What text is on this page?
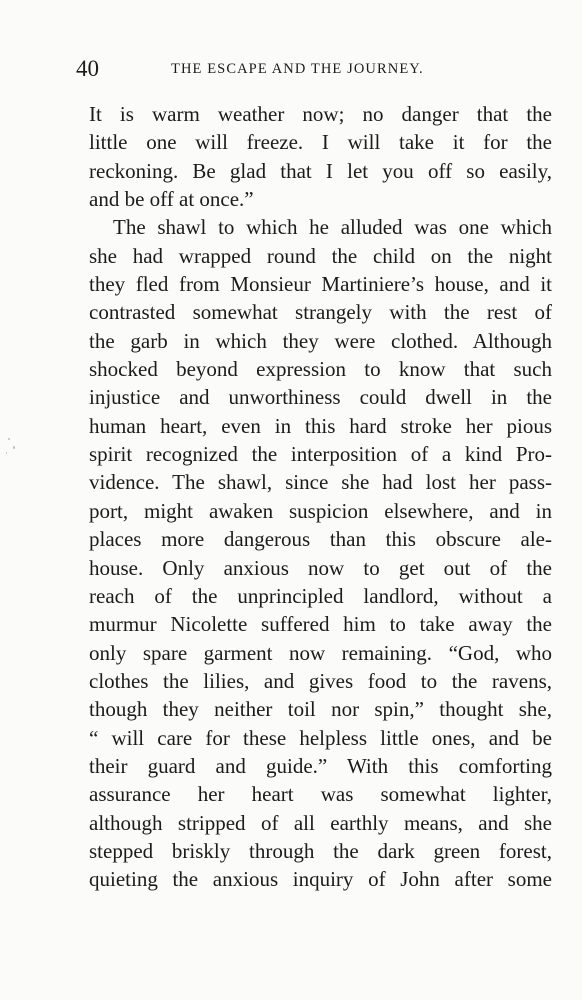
40	THE ESCAPE AND THE JOURNEY.
It is warm weather now; no danger that the
little one will freeze. I will take it for the
reckoning. Be glad that I let you off so easily,
and be off at once.”
The shawl to which he alluded was one which
she had wrapped round the child on the night
they fled from Monsieur Martiniere’s house, and it
contrasted somewhat strangely with the rest of
the garb in which they were clothed. Although
shocked beyond expression to know that such
injustice and unworthiness could dwell in the
human heart, even in this hard stroke her pious
spirit recognized the interposition of a kind Pro-
vidence. The shawl, since she had lost her pass-
port, might awaken suspicion elsewhere, and in
places more dangerous than this obscure ale-
house. Only anxious now to get out of the
reach of the unprincipled landlord, without a
murmur Nicolette suffered him to take away the
only spare garment now remaining. “God, who
clothes the lilies, and gives food to the ravens,
though they neither toil nor spin,” thought she,
“ will care for these helpless little ones, and be
their guard and guide.” With this comforting
assurance her heart was somewhat lighter,
although stripped of all earthly means, and she
stepped briskly through the dark green forest,
quieting the anxious inquiry of John after some
